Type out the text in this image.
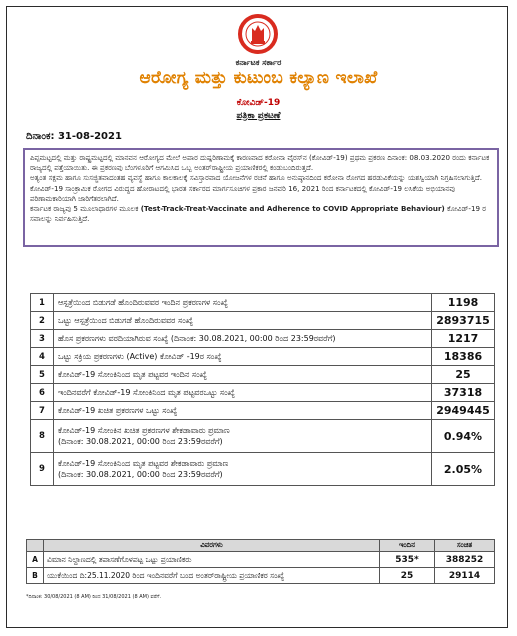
ಕರ್ನಾಟಕ ಸರ್ಕಾರ
ಆರೋಗ್ಯ ಮತ್ತು ಕುಟುಂಬ ಕಲ್ಯಾಣ ಇಲಾಖೆ
ಕೋವಿಡ್-19
ಪತ್ರಿಕಾ ಪ್ರಕಟಣೆ
ದಿನಾಂಕ: 31-08-2021

ಪಿಪ್ಪಮಟ್ಟದಲ್ಲಿ ಮತ್ತು ರಾಷ್ಟ್ರಮಟ್ಟದಲ್ಲಿ ಮಾನವನ ಆರೋಗ್ಯದ ಮೇಲೆ ಅಪಾರ ದುಷ್ಪರಿಣಾಮಕ್ಕೆ ಕಾರಣವಾದ ಕರೋನಾ ವೈರಸ್‌ನ (ಕೋವಿಡ್-19) ಪ್ರಥಮ ಪ್ರಕರಣ ದಿನಾಂಕ: 08.03.2020 ರಂದು ಕರ್ನಾಟಕ ರಾಜ್ಯದಲ್ಲಿ ಪತ್ತೆಯಾಯಿತು. ಈ ಪ್ರಕರಣವು ಬೆಂಗಳೂರಿಗೆ ಆಗಮಿಸಿದ ಒಬ್ಬ ಅಂತರ್‌ರಾಷ್ಟ್ರೀಯ ಪ್ರಯಾಣಿಕರಲ್ಲಿ ಕಂಡುಬಂದಿರುತ್ತದೆ.

ಅತ್ಯಂತ ಸಕ್ಷಮ ಹಾಗೂ ಸುಸಜ್ಜಿತವಾದಂತಹ ವ್ಯವಸ್ಥೆ ಹಾಗೂ ಕಾಲಕಾಲಕ್ಕೆ ಸವಿಸ್ತಾರವಾದ ಯೋಜನೆಗಳ ರಚನೆ ಹಾಗೂ ಅನುಷ್ಠಾನದಿಂದ ಕರೋನಾ ರೋಗದ ಹರಡುವಿಕೆಯನ್ನು ಯಶಸ್ವಿಯಾಗಿ ನಿಗ್ರಹಿಸಲಾಗುತ್ತಿದೆ.

ಕೋವಿಡ್-19 ಸಾಂಕ್ರಾಮಿಕ ರೋಗದ ವಿರುದ್ಧದ ಹೋರಾಟದಲ್ಲಿ ಭಾರತ ಸರ್ಕಾರದ ಮಾರ್ಗಸೂಚಿಗಳ ಪ್ರಕಾರ ಜನವರಿ 16, 2021 ರಿಂದ ಕರ್ನಾಟಕದಲ್ಲಿ ಕೋವಿಡ್-19 ಲಸಿಕೆಯ ಅಭಿಯಾನವು ಪರಿಣಾಮಕಾರಿಯಾಗಿ ಜಾರಿಗೆತರಲಾಗಿದೆ.

ಕರ್ನಾಟಕ ರಾಜ್ಯವು 5 ಮೂಲಾಧಾರಗಳ ಮೂಲಕ (Test-Track-Treat-Vaccinate and Adherence to COVID Appropriate Behaviour) ಕೋವಿಡ್-19 ರ ಸವಾಲನ್ನು ನಿರ್ವಹಿಸುತ್ತಿದೆ.

1	ಆಸ್ಪತ್ರೆಯಿಂದ ಬಿಡುಗಡೆ ಹೊಂದಿರುವವರ ಇಂದಿನ ಪ್ರಕರಣಗಳ ಸಂಖ್ಯೆ	1198
2	ಒಟ್ಟು ಆಸ್ಪತ್ರೆಯಿಂದ ಬಿಡುಗಡೆ ಹೊಂದಿರುವವರ ಸಂಖ್ಯೆ	2893715
3	ಹೊಸ ಪ್ರಕರಣಗಳು ವರದಿಯಾಗಿರುವ ಸಂಖ್ಯೆ (ದಿನಾಂಕ: 30.08.2021, 00:00 ರಿಂದ 23:59ರವರೆಗೆ)	1217
4	ಒಟ್ಟು ಸಕ್ರಿಯ ಪ್ರಕರಣಗಳು (Active) ಕೋವಿಡ್ -19ರ ಸಂಖ್ಯೆ	18386
5	ಕೋವಿಡ್-19 ಸೋಂಕಿನಿಂದ ಮೃತ ಪಟ್ಟವರ ಇಂದಿನ ಸಂಖ್ಯೆ	25
6	ಇಂದಿನವರೆಗೆ ಕೋವಿಡ್-19 ಸೋಂಕಿನಿಂದ ಮೃತ ಪಟ್ಟವರಒಟ್ಟು ಸಂಖ್ಯೆ	37318
7	ಕೋವಿಡ್-19 ಖಚಿತ ಪ್ರಕರಣಗಳ ಒಟ್ಟು ಸಂಖ್ಯೆ	2949445
8	ಕೋವಿಡ್-19 ಸೋಂಕಿನ ಖಚಿತ ಪ್ರಕರಣಗಳ ಶೇಕಡಾವಾರು ಪ್ರಮಾಣ
(ದಿನಾಂಕ: 30.08.2021, 00:00 ರಿಂದ 23:59ರವರೆಗೆ)	0.94%
9	ಕೋವಿಡ್-19 ಸೋಂಕಿನಿಂದ ಮೃತ ಪಟ್ಟವರ ಶೇಕಡಾವಾರು ಪ್ರಮಾಣ
(ದಿನಾಂಕ: 30.08.2021, 00:00 ರಿಂದ 23:59ರವರೆಗೆ)	2.05%
	ವಿವರಗಳು	ಇಂದಿನ	ಸಂಚಿತ
A	ವಿಮಾನ ನಿಲ್ದಾಣದಲ್ಲಿ ತಪಾಸಣೆಗೊಳಪಟ್ಟ ಒಟ್ಟು ಪ್ರಯಾಣಿಕರು	535*	388252
B	ಯುಕೆಯಿಂದ ದಿ:25.11.2020 ರಿಂದ ಇಂದಿನವರೆಗೆ ಬಂದ ಅಂತರ್‌ರಾಷ್ಟ್ರೀಯ ಪ್ರಯಾಣಿಕರ ಸಂಖ್ಯೆ	25	29114
*ದಿನಾಂಕ: 30/08/2021 (8 AM) ರಿಂದ 31/08/2021 (8 AM) ವರೆಗೆ.
